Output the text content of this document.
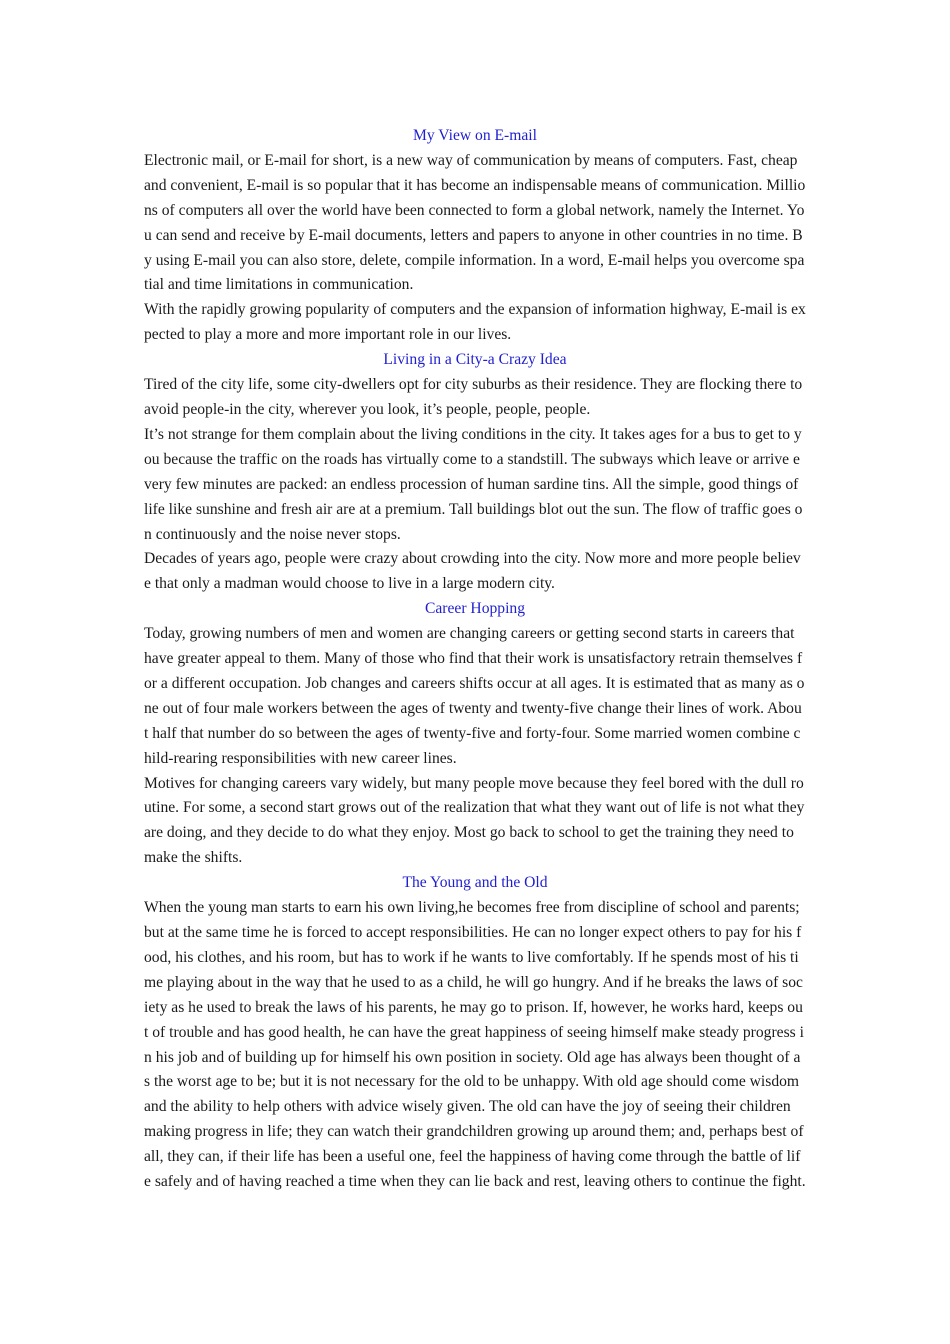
My View on E-mail

Electronic mail, or E-mail for short, is a new way of communication by means of computers. Fast, cheap and convenient, E-mail is so popular that it has become an indispensable means of communication. Millions of computers all over the world have been connected to form a global network, namely the Internet. You can send and receive by E-mail documents, letters and papers to anyone in other countries in no time. By using E-mail you can also store, delete, compile information. In a word, E-mail helps you overcome spatial and time limitations in communication.

With the rapidly growing popularity of computers and the expansion of information highway, E-mail is expected to play a more and more important role in our lives.

Living in a City-a Crazy Idea

Tired of the city life, some city-dwellers opt for city suburbs as their residence. They are flocking there to avoid people-in the city, wherever you look, it’s people, people, people.

It’s not strange for them complain about the living conditions in the city. It takes ages for a bus to get to you because the traffic on the roads has virtually come to a standstill. The subways which leave or arrive every few minutes are packed: an endless procession of human sardine tins. All the simple, good things of life like sunshine and fresh air are at a premium. Tall buildings blot out the sun. The flow of traffic goes on continuously and the noise never stops.

Decades of years ago, people were crazy about crowding into the city. Now more and more people believe that only a madman would choose to live in a large modern city.

Career Hopping

Today, growing numbers of men and women are changing careers or getting second starts in careers that have greater appeal to them. Many of those who find that their work is unsatisfactory retrain themselves for a different occupation. Job changes and careers shifts occur at all ages. It is estimated that as many as one out of four male workers between the ages of twenty and twenty-five change their lines of work. About half that number do so between the ages of twenty-five and forty-four. Some married women combine child-rearing responsibilities with new career lines.

Motives for changing careers vary widely, but many people move because they feel bored with the dull routine. For some, a second start grows out of the realization that what they want out of life is not what they are doing, and they decide to do what they enjoy. Most go back to school to get the training they need to make the shifts.

The Young and the Old

When the young man starts to earn his own living,he becomes free from discipline of school and parents; but at the same time he is forced to accept responsibilities. He can no longer expect others to pay for his food, his clothes, and his room, but has to work if he wants to live comfortably. If he spends most of his time playing about in the way that he used to as a child, he will go hungry. And if he breaks the laws of society as he used to break the laws of his parents, he may go to prison. If, however, he works hard, keeps out of trouble and has good health, he can have the great happiness of seeing himself make steady progress in his job and of building up for himself his own position in society. Old age has always been thought of as the worst age to be; but it is not necessary for the old to be unhappy. With old age should come wisdom and the ability to help others with advice wisely given. The old can have the joy of seeing their children making progress in life; they can watch their grandchildren growing up around them; and, perhaps best of all, they can, if their life has been a useful one, feel the happiness of having come through the battle of life safely and of having reached a time when they can lie back and rest, leaving others to continue the fight.
